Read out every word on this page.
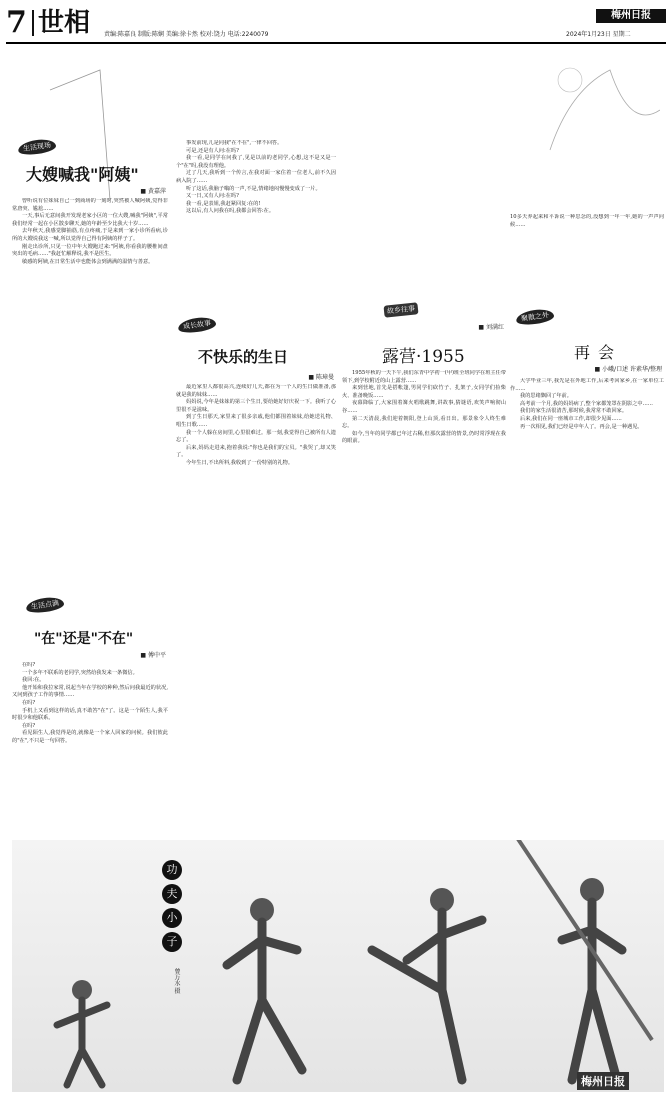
7 世相 责编:陈嘉良 制版:陈娴 美编:徐卡然 校对:饶力 电话:2240079
梅州日报
2024年1月23日 星期二
生活现场
大嫂喊我"阿姨"
■ 黄嘉萍

曾听说有位妹妹自己一到商场的一刻时,突然被人喊阿姨,觉得非常唐突、尴尬……

一天,事后无意间我开发现老家小区的一位大嫂,喊我"阿姨",平常我们经常一起在小区散步聊天,她的年龄至少比我大十岁……

去年秋天,我感觉脚抽筋,有点疼痛,于是来到一家小诊所看病,诊所的大嫂说我这一喊,所以觉得自己得有阿姨的样子了。

刚走出诊所,只见一位中年大嫂跑过来:"阿姨,你看我的腰椎间盘突出的毛病……"我赶忙解释说,我不是医生。

敏感的阿姨,在日常生活中也能体会到满满的温情与善意。

生活点滴
"在"还是"不在"
■ 傅中平

在吗?

一个多年不联系的老同学,突然给我发来一条微信。

我回:在。

他开始和我拉家常,说起当年在学校的种种,然后问我最近的状况,又问到孩子工作的事情……

在吗?

手机上又看到这样的话,真不敢答"在"了。这是一个陌生人,我平时很少和他联系。

在吗?

看见陌生人,我觉得是的,就像是一个家人回家的问候。我们彼此的"在",不只是一句回答。

事发前现,儿是同我"在不在",一律不回答。

可是,还是有人问:在吗?

我一看,是同学在问我了,见是以前的老同学,心想,这不是又是一个"在"吗,我没有理他。

过了几天,我听到一个传言,在我对面一家住着一位老人,前不久因病入院了……

听了这话,我脑子嗡的一声,不是,情绪地闷慢慢变成了一片。

又一日,又有人问:在吗?

我一看,是表姐,我赶紧回复:在的!

这以后,有人问我在吗,我都会回答:在。

成长故事
不快乐的生日
■ 陈璋曼

最近家里人都很高兴,连续好几天,都在为一个人的生日做准备,那就是我的妹妹……

妈妈说,今年是妹妹的第三个生日,要给她好好庆祝一下。我听了心里很不是滋味。

到了生日那天,家里来了很多亲戚,他们都围着妹妹,给她送礼物、唱生日歌……

我一个人躲在房间里,心里很难过。那一刻,我觉得自己被所有人遗忘了。

后来,妈妈走进来,抱着我说:"你也是我们的宝贝。"我哭了,却又笑了。

今年生日,不出所料,我收到了一份特别的礼物。

故乡往事
■ 刘满红
露营·1955

1955年秋的一天下午,我们东青中学初一(甲)班全班同学在班主任带领下,到学校附近的山上露营……

来到营地,首先是搭帐篷,男同学们砍竹子、扎架子,女同学们捡柴火、准备晚饭……

夜幕降临了,大家围着篝火唱歌跳舞,讲故事,猜谜语,欢笑声响彻山谷……

第二天清晨,我们迎着朝阳,登上山顶,看日出。那景象令人终生难忘。

如今,当年的同学都已年过古稀,但那次露营的情景,仍时常浮现在我的眼前。

10多天养起来和平诉说一种思念的,没想到一年一年,她的一声声问候……
聚散之外
再会
■ 小峨/口述 许素华/整理

大学毕业三年,我先是在外地工作,后来考回家乡,在一家单位工作……

我的思绪飘回了年前。

高考前一个月,我的妈妈病了,整个家都笼罩在阴影之中……

我们的家生活很清苦,那时候,我常常不敢回家。

后来,我们在同一座城市工作,却很少见面……

再一次相见,我们已经是中年人了。再会,是一种遇见。

功
夫
小
子
曾万水 摄
梅州日报
